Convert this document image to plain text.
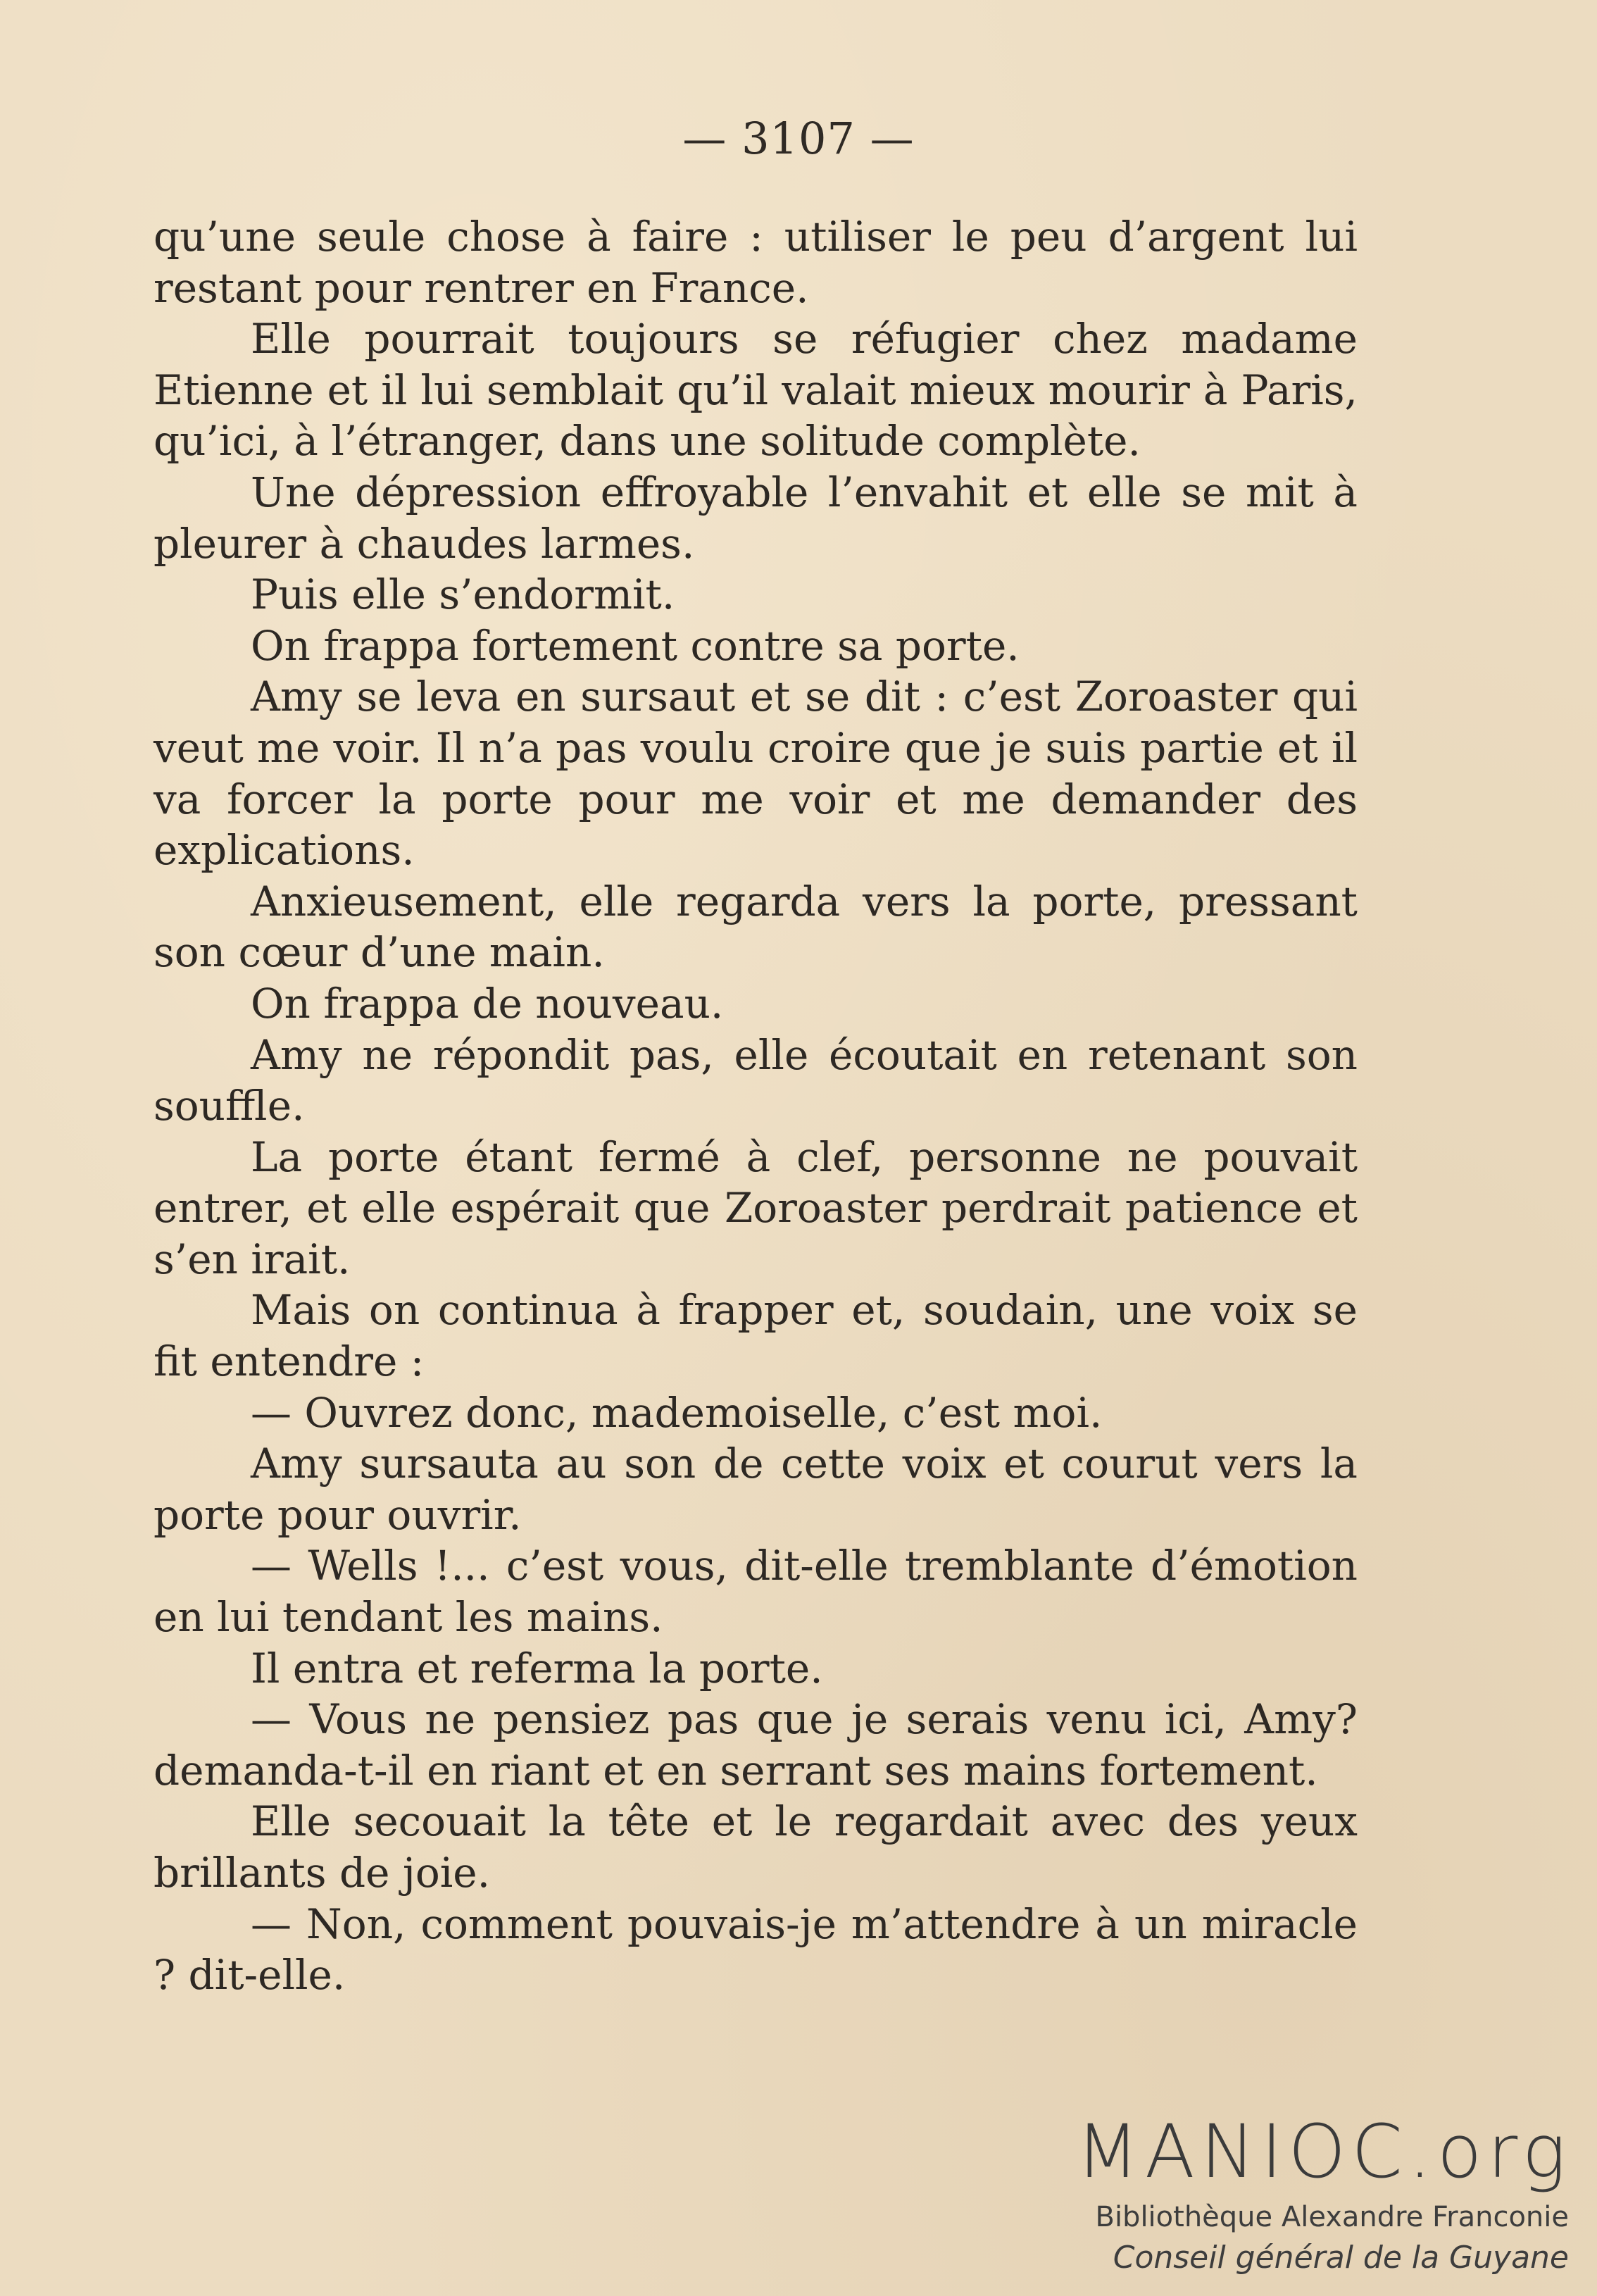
— 3107 —

qu’une seule chose à faire : utiliser le peu d’argent lui restant pour rentrer en France.

Elle pourrait toujours se réfugier chez madame Etienne et il lui semblait qu’il valait mieux mourir à Paris, qu’ici, à l’étranger, dans une solitude complète.

Une dépression effroyable l’envahit et elle se mit à pleurer à chaudes larmes.

Puis elle s’endormit.

On frappa fortement contre sa porte.

Amy se leva en sursaut et se dit : c’est Zoroaster qui veut me voir. Il n’a pas voulu croire que je suis partie et il va forcer la porte pour me voir et me demander des explications.

Anxieusement, elle regarda vers la porte, pressant son cœur d’une main.

On frappa de nouveau.

Amy ne répondit pas, elle écoutait en retenant son souffle.

La porte étant fermé à clef, personne ne pouvait entrer, et elle espérait que Zoroaster perdrait patience et s’en irait.

Mais on continua à frapper et, soudain, une voix se fit entendre :

— Ouvrez donc, mademoiselle, c’est moi.

Amy sursauta au son de cette voix et courut vers la porte pour ouvrir.

— Wells !... c’est vous, dit-elle tremblante d’émotion en lui tendant les mains.

Il entra et referma la porte.

— Vous ne pensiez pas que je serais venu ici, Amy? demanda-t-il en riant et en serrant ses mains fortement.

Elle secouait la tête et le regardait avec des yeux brillants de joie.

— Non, comment pouvais-je m’attendre à un miracle ? dit-elle.

MANIOC.org
Bibliothèque Alexandre Franconie
Conseil général de la Guyane
